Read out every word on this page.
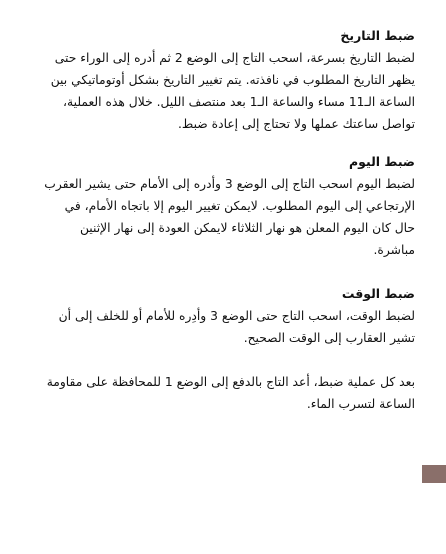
ضبط التاريخ
لضبط التاريخ بسرعة، اسحب التاج إلى الوضع 2 ثم أدره إلى الوراء حتى
يظهر التاريخ المطلوب في نافذته. يتم تغيير التاريخ بشكل أوتوماتيكي بين
الساعة الـ11 مساء والساعة الـ1 بعد منتصف الليل. خلال هذه العملية،
تواصل ساعتك عملها ولا تحتاج إلى إعادة ضبط.
ضبط اليوم
لضبط اليوم اسحب التاج إلى الوضع 3 وأدره إلى الأمام حتى يشير العقرب
الإرتجاعي إلى اليوم المطلوب. لايمكن تغيير اليوم إلا باتجاه الأمام، في
حال كان اليوم المعلن هو نهار الثلاثاء لايمكن العودة إلى نهار الإثنين
مباشرة.
ضبط الوقت
لضبط الوقت، اسحب التاج حتى الوضع 3 وأدِره للأمام أو للخلف إلى أن
تشير العقارب إلى الوقت الصحيح.
بعد كل عملية ضبط، أعد التاج بالدفع إلى الوضع 1 للمحافظة على مقاومة
الساعة لتسرب الماء.
